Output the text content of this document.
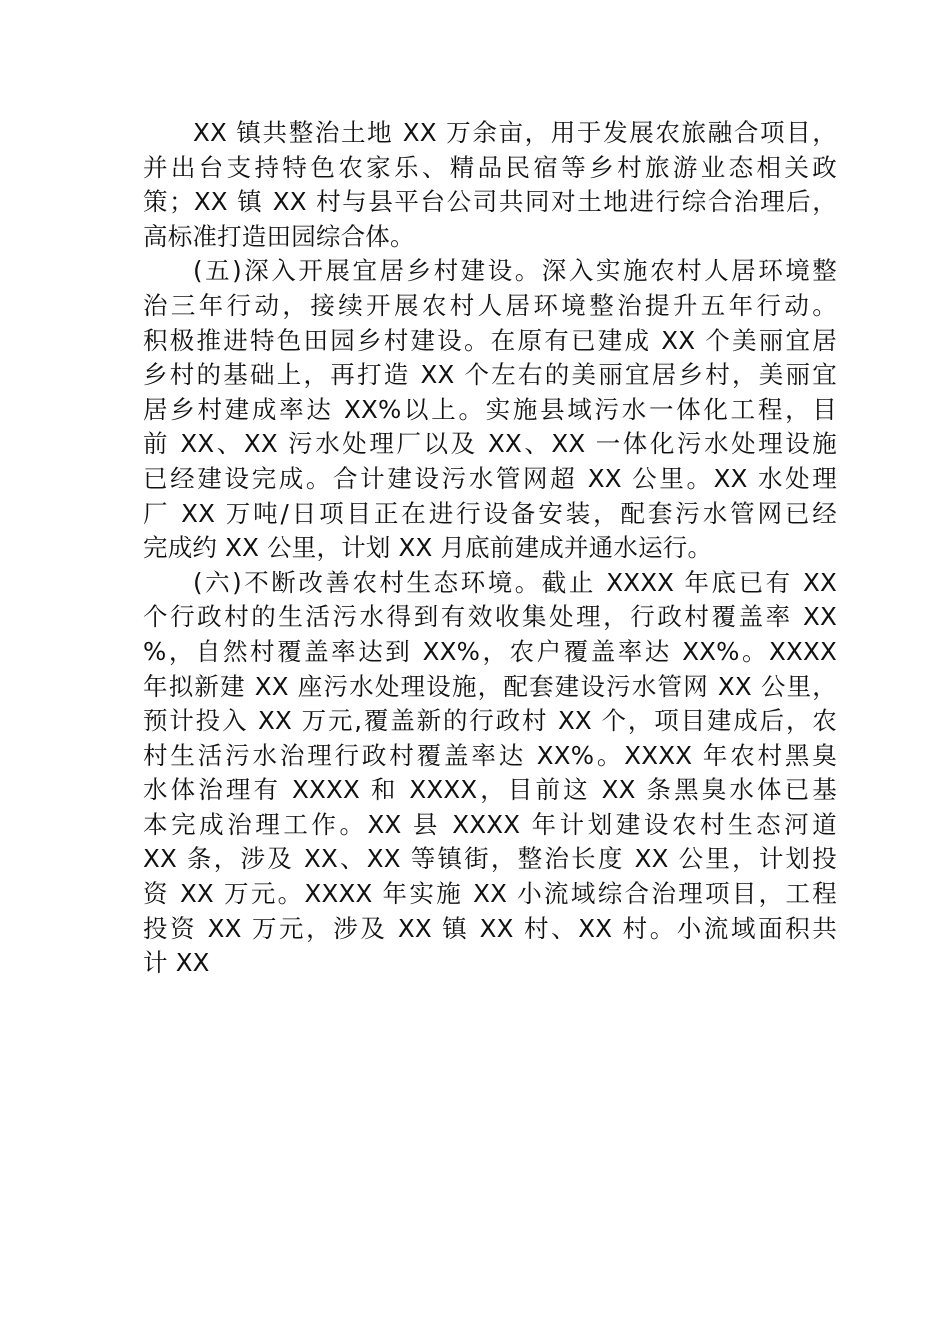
XX 镇共整治土地 XX 万余亩，用于发展农旅融合项目，
并出台支持特色农家乐、精品民宿等乡村旅游业态相关政
策；XX 镇 XX 村与县平台公司共同对土地进行综合治理后，
高标准打造田园综合体。
(五)深入开展宜居乡村建设。深入实施农村人居环境整
治三年行动，接续开展农村人居环境整治提升五年行动。
积极推进特色田园乡村建设。在原有已建成 XX 个美丽宜居
乡村的基础上，再打造 XX 个左右的美丽宜居乡村，美丽宜
居乡村建成率达 XX%以上。实施县域污水一体化工程，目
前 XX、XX 污水处理厂以及 XX、XX 一体化污水处理设施
已经建设完成。合计建设污水管网超 XX 公里。XX 水处理
厂 XX 万吨/日项目正在进行设备安装，配套污水管网已经
完成约 XX 公里，计划 XX 月底前建成并通水运行。
(六)不断改善农村生态环境。截止 XXXX 年底已有 XX
个行政村的生活污水得到有效收集处理，行政村覆盖率 XX
%，自然村覆盖率达到 XX%，农户覆盖率达 XX%。XXXX
年拟新建 XX 座污水处理设施，配套建设污水管网 XX 公里，
预计投入 XX 万元,覆盖新的行政村 XX 个，项目建成后，农
村生活污水治理行政村覆盖率达 XX%。XXXX 年农村黑臭
水体治理有 XXXX 和 XXXX，目前这 XX 条黑臭水体已基
本完成治理工作。XX 县 XXXX 年计划建设农村生态河道
XX 条，涉及 XX、XX 等镇街，整治长度 XX 公里，计划投
资 XX 万元。XXXX 年实施 XX 小流域综合治理项目，工程
投资 XX 万元，涉及 XX 镇 XX 村、XX 村。小流域面积共
计 XX
